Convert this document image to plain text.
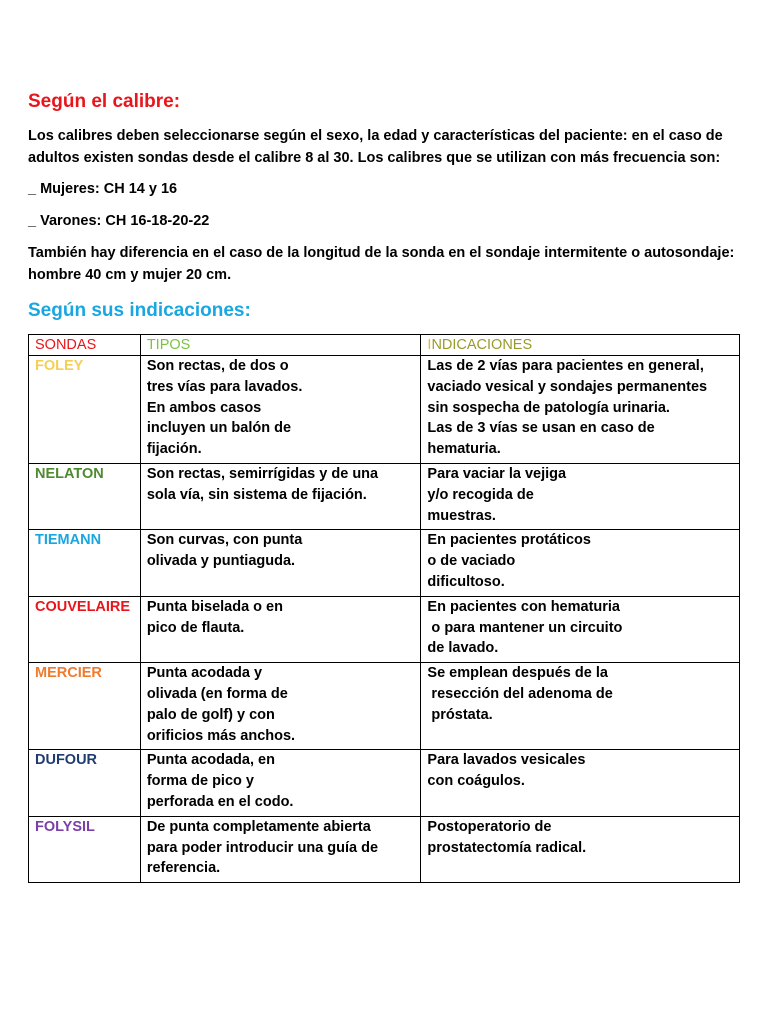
Según el calibre:

Los calibres deben seleccionarse según el sexo, la edad y características del paciente: en el caso de adultos existen sondas desde el calibre 8 al 30. Los calibres que se utilizan con más frecuencia son:

_ Mujeres: CH 14 y 16

_ Varones: CH 16-18-20-22

También hay diferencia en el caso de la longitud de la sonda en el sondaje intermitente o autosondaje: hombre 40 cm y mujer 20 cm.

Según sus indicaciones:
SONDAS	TIPOS	INDICACIONES
FOLEY	Son rectas, de dos o
tres vías para lavados.
En ambos casos
incluyen un balón de
fijación.	Las de 2 vías para pacientes en general,
vaciado vesical y sondajes permanentes
sin sospecha de patología urinaria.
Las de 3 vías se usan en caso de
hematuria.

NELATON	Son rectas, semirrígidas y de una
sola vía, sin sistema de fijación.	Para vaciar la vejiga
y/o recogida de
muestras.

TIEMANN	Son curvas, con punta
olivada y puntiaguda.	En pacientes protáticos
o de vaciado
dificultoso.

COUVELAIRE	Punta biselada o en
pico de flauta.	En pacientes con hematuria
o para mantener un circuito
de lavado.

MERCIER	Punta acodada y
olivada (en forma de
palo de golf) y con
orificios más anchos.	Se emplean después de la
resección del adenoma de
próstata.

DUFOUR	Punta acodada, en
forma de pico y
perforada en el codo.	Para lavados vesicales
con coágulos.

FOLYSIL	De punta completamente abierta
para poder introducir una guía de
referencia.	Postoperatorio de
prostatectomía radical.
